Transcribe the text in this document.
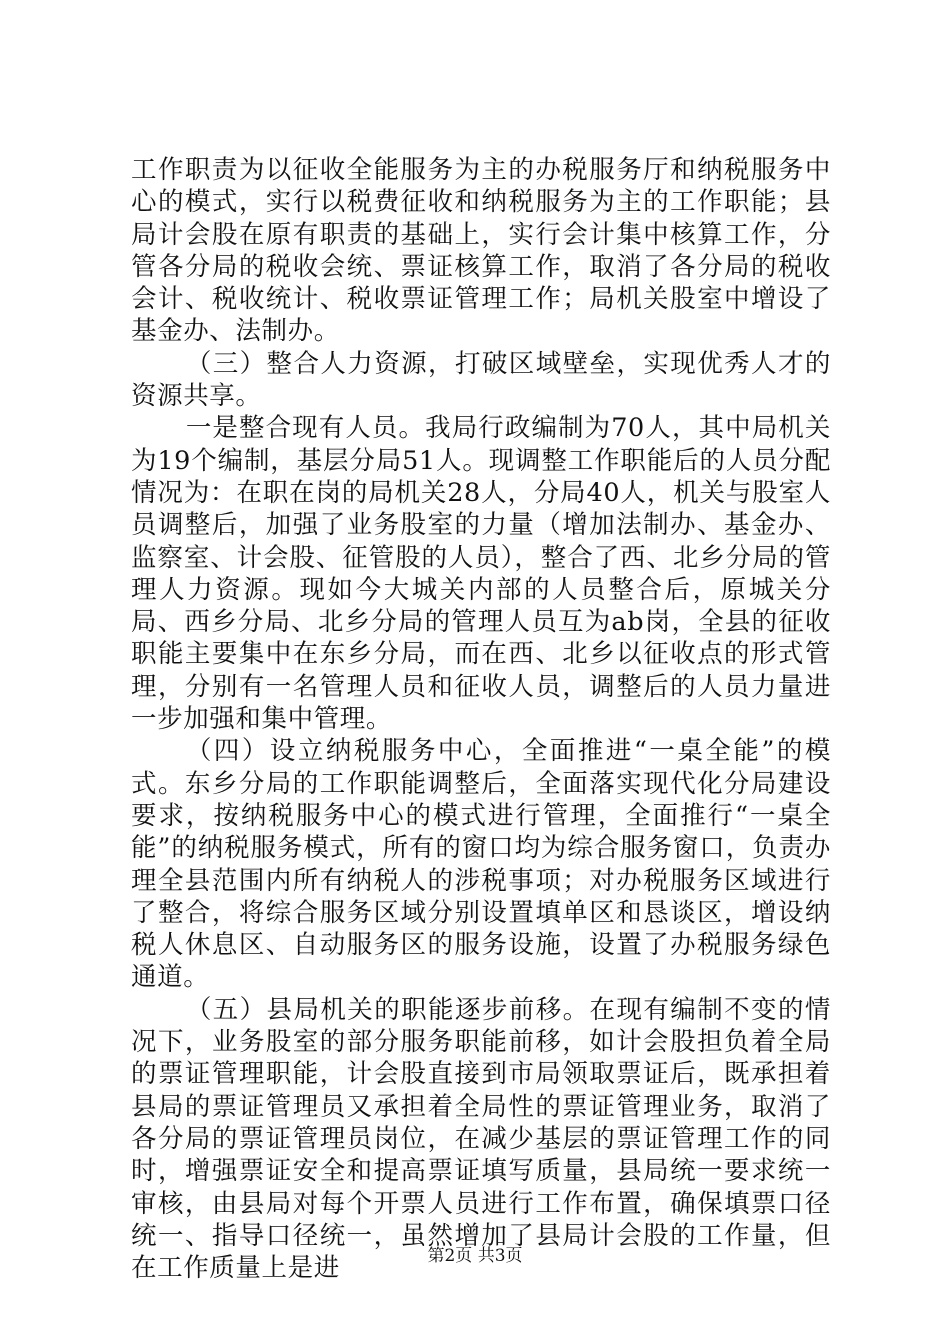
工作职责为以征收全能服务为主的办税服务厅和纳税服务中心的模式，实行以税费征收和纳税服务为主的工作职能；县局计会股在原有职责的基础上，实行会计集中核算工作，分管各分局的税收会统、票证核算工作，取消了各分局的税收会计、税收统计、税收票证管理工作；局机关股室中增设了基金办、法制办。

（三）整合人力资源，打破区域壁垒，实现优秀人才的资源共享。

一是整合现有人员。我局行政编制为70人，其中局机关为19个编制，基层分局51人。现调整工作职能后的人员分配情况为：在职在岗的局机关28人，分局40人，机关与股室人员调整后，加强了业务股室的力量（增加法制办、基金办、监察室、计会股、征管股的人员），整合了西、北乡分局的管理人力资源。现如今大城关内部的人员整合后，原城关分局、西乡分局、北乡分局的管理人员互为ab岗，全县的征收职能主要集中在东乡分局，而在西、北乡以征收点的形式管理，分别有一名管理人员和征收人员，调整后的人员力量进一步加强和集中管理。

（四）设立纳税服务中心，全面推进“一桌全能”的模式。东乡分局的工作职能调整后，全面落实现代化分局建设要求，按纳税服务中心的模式进行管理，全面推行“一桌全能”的纳税服务模式，所有的窗口均为综合服务窗口，负责办理全县范围内所有纳税人的涉税事项；对办税服务区域进行了整合，将综合服务区域分别设置填单区和恳谈区，增设纳税人休息区、自动服务区的服务设施，设置了办税服务绿色通道。

（五）县局机关的职能逐步前移。在现有编制不变的情况下，业务股室的部分服务职能前移，如计会股担负着全局的票证管理职能，计会股直接到市局领取票证后，既承担着县局的票证管理员又承担着全局性的票证管理业务，取消了各分局的票证管理员岗位，在减少基层的票证管理工作的同时，增强票证安全和提高票证填写质量，县局统一要求统一审核，由县局对每个开票人员进行工作布置，确保填票口径统一、指导口径统一，虽然增加了县局计会股的工作量，但在工作质量上是进	第2页 共3页
